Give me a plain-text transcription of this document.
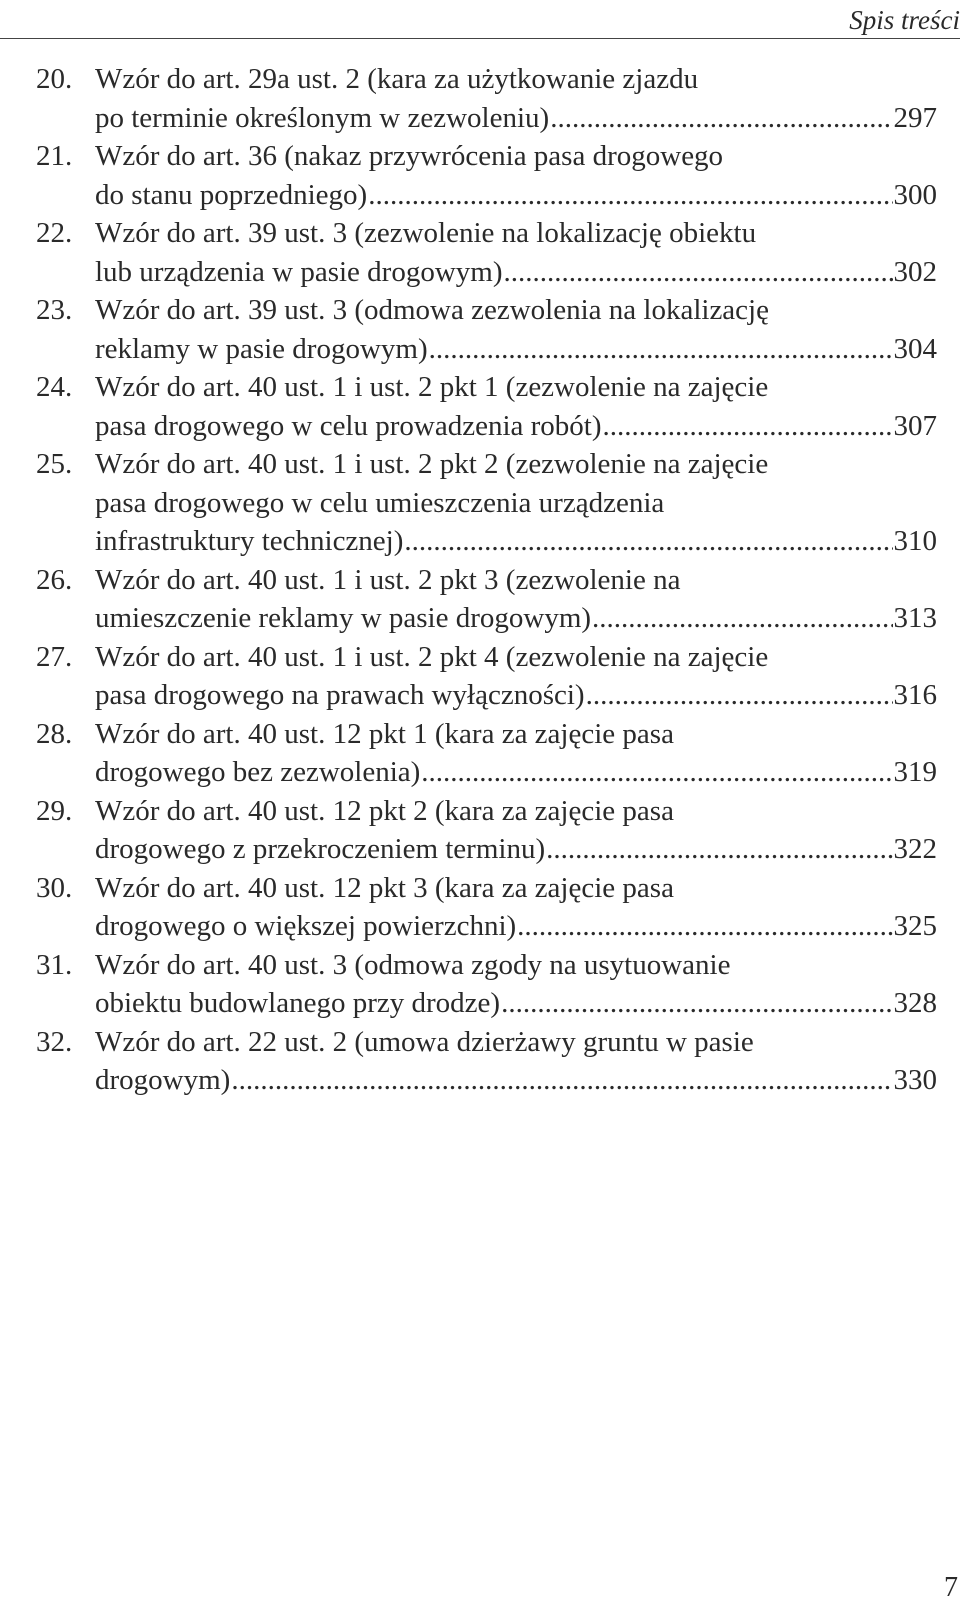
Spis treści
20. Wzór do art. 29a ust. 2 (kara za użytkowanie zjazdu
po terminie określonym w zezwoleniu) .....	297
21. Wzór do art. 36 (nakaz przywrócenia pasa drogowego
do stanu poprzedniego) .....	300
22. Wzór do art. 39 ust. 3 (zezwolenie na lokalizację obiektu
lub urządzenia w pasie drogowym) .....	302
23. Wzór do art. 39 ust. 3 (odmowa zezwolenia na lokalizację
reklamy w pasie drogowym) .....	304
24. Wzór do art. 40 ust. 1 i ust. 2 pkt 1 (zezwolenie na zajęcie
pasa drogowego w celu prowadzenia robót) .....	307
25. Wzór do art. 40 ust. 1 i ust. 2 pkt 2 (zezwolenie na zajęcie
pasa drogowego w celu umieszczenia urządzenia
infrastruktury technicznej) .....	310
26. Wzór do art. 40 ust. 1 i ust. 2 pkt 3 (zezwolenie na
umieszczenie reklamy w pasie drogowym) .....	313
27. Wzór do art. 40 ust. 1 i ust. 2 pkt 4 (zezwolenie na zajęcie
pasa drogowego na prawach wyłączności) .....	316
28. Wzór do art. 40 ust. 12 pkt 1 (kara za zajęcie pasa
drogowego bez zezwolenia) .....	319
29. Wzór do art. 40 ust. 12 pkt 2 (kara za zajęcie pasa
drogowego z przekroczeniem terminu) .....	322
30. Wzór do art. 40 ust. 12 pkt 3 (kara za zajęcie pasa
drogowego o większej powierzchni) .....	325
31. Wzór do art. 40 ust. 3 (odmowa zgody na usytuowanie
obiektu budowlanego przy drodze) .....	328
32. Wzór do art. 22 ust. 2 (umowa dzierżawy gruntu w pasie
drogowym) .....	330
7
